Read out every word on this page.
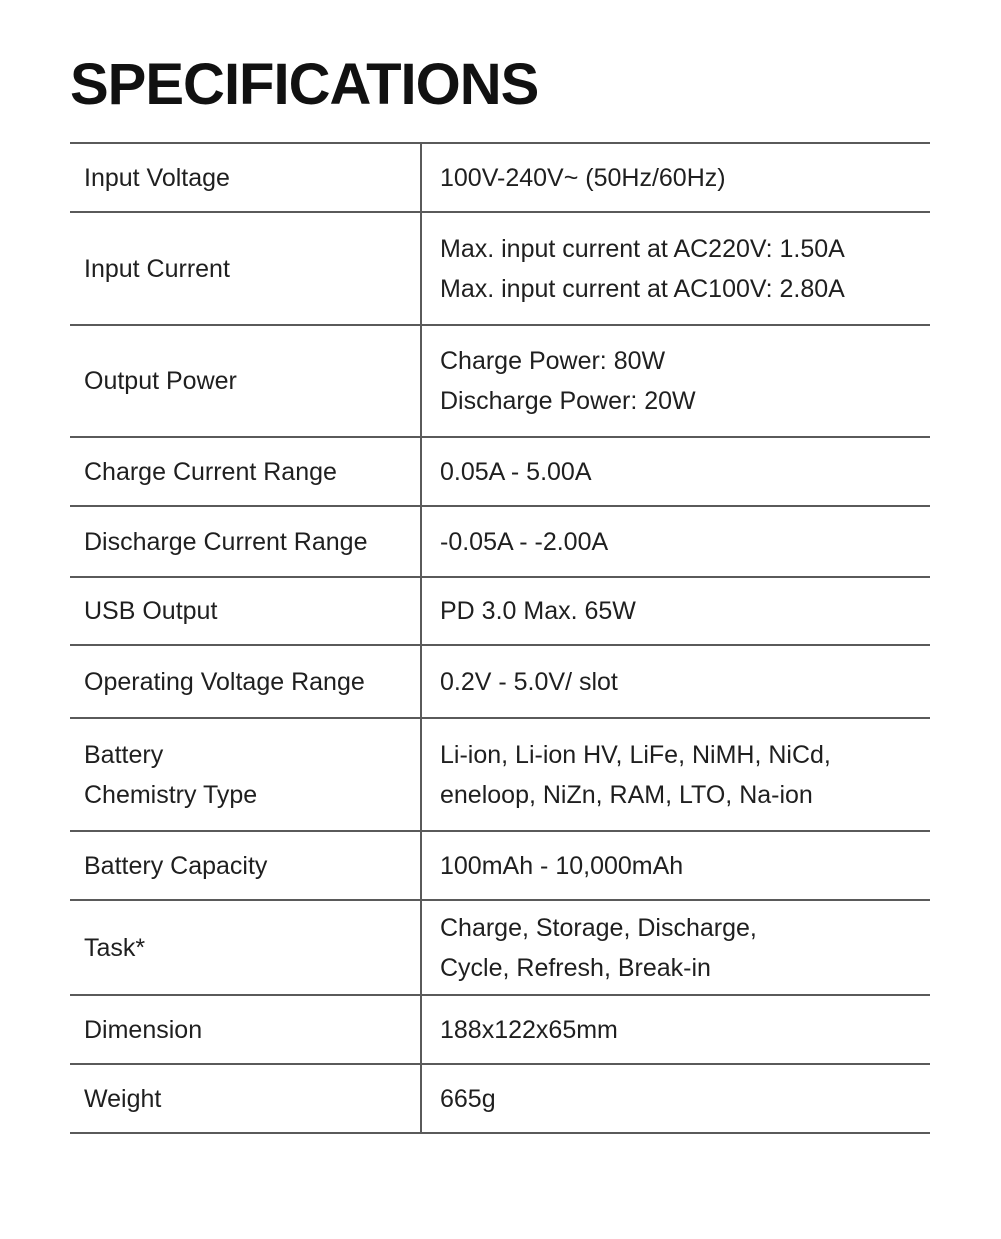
SPECIFICATIONS
Input Voltage	100V-240V~ (50Hz/60Hz)

Input Current	Max. input current at AC220V: 1.50A
Max. input current at AC100V: 2.80A

Output Power	Charge Power: 80W
Discharge Power: 20W

Charge Current Range	0.05A - 5.00A

Discharge Current Range	-0.05A - -2.00A

USB Output	PD 3.0 Max. 65W

Operating Voltage Range	0.2V - 5.0V/ slot

Battery
Chemistry Type	Li-ion, Li-ion HV, LiFe, NiMH, NiCd,
eneloop, NiZn, RAM, LTO, Na-ion

Battery Capacity	100mAh - 10,000mAh

Task*	Charge, Storage, Discharge,
Cycle, Refresh, Break-in

Dimension	188x122x65mm

Weight	665g
